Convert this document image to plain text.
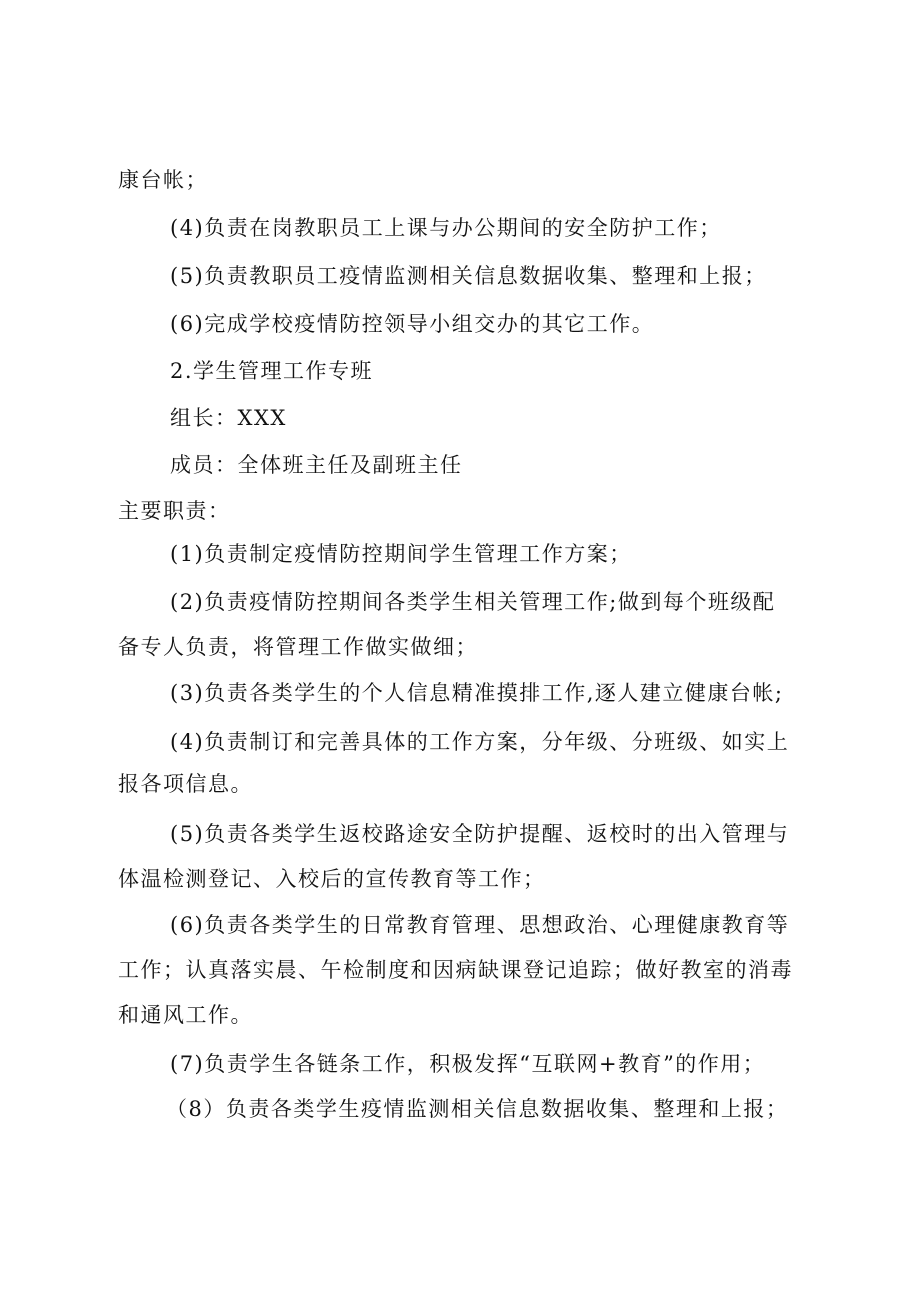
康台帐；

(4)负责在岗教职员工上课与办公期间的安全防护工作；

(5)负责教职员工疫情监测相关信息数据收集、整理和上报；

(6)完成学校疫情防控领导小组交办的其它工作。

2.学生管理工作专班

组长：XXX

成员：全体班主任及副班主任

主要职责：

(1)负责制定疫情防控期间学生管理工作方案；

(2)负责疫情防控期间各类学生相关管理工作;做到每个班级配

备专人负责，将管理工作做实做细；

(3)负责各类学生的个人信息精准摸排工作,逐人建立健康台帐;

(4)负责制订和完善具体的工作方案，分年级、分班级、如实上

报各项信息。

(5)负责各类学生返校路途安全防护提醒、返校时的出入管理与

体温检测登记、入校后的宣传教育等工作；

(6)负责各类学生的日常教育管理、思想政治、心理健康教育等

工作；认真落实晨、午检制度和因病缺课登记追踪；做好教室的消毒

和通风工作。

(7)负责学生各链条工作，积极发挥“互联网+教育”的作用；

（8）负责各类学生疫情监测相关信息数据收集、整理和上报；
